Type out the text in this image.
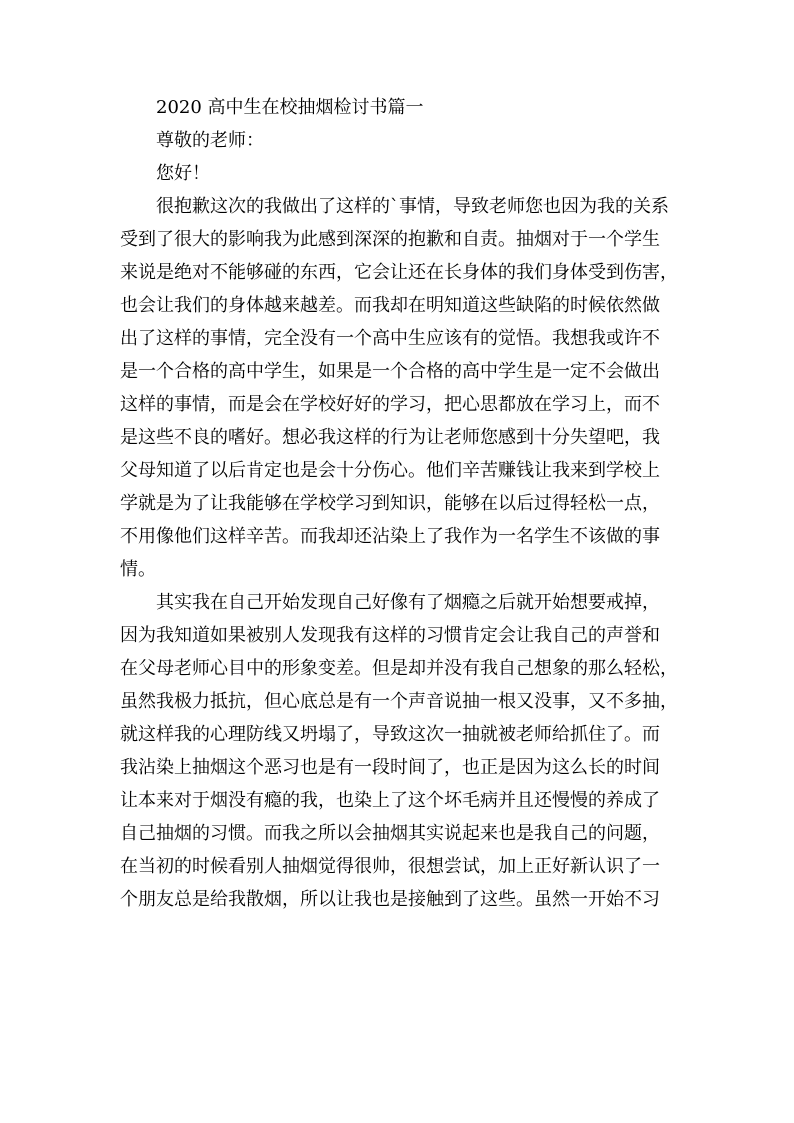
2020 高中生在校抽烟检讨书篇一
尊敬的老师：
您好！
很抱歉这次的我做出了这样的`事情，导致老师您也因为我的关系
受到了很大的影响我为此感到深深的抱歉和自责。抽烟对于一个学生
来说是绝对不能够碰的东西，它会让还在长身体的我们身体受到伤害，
也会让我们的身体越来越差。而我却在明知道这些缺陷的时候依然做
出了这样的事情，完全没有一个高中生应该有的觉悟。我想我或许不
是一个合格的高中学生，如果是一个合格的高中学生是一定不会做出
这样的事情，而是会在学校好好的学习，把心思都放在学习上，而不
是这些不良的嗜好。想必我这样的行为让老师您感到十分失望吧，我
父母知道了以后肯定也是会十分伤心。他们辛苦赚钱让我来到学校上
学就是为了让我能够在学校学习到知识，能够在以后过得轻松一点，
不用像他们这样辛苦。而我却还沾染上了我作为一名学生不该做的事
情。
其实我在自己开始发现自己好像有了烟瘾之后就开始想要戒掉，
因为我知道如果被别人发现我有这样的习惯肯定会让我自己的声誉和
在父母老师心目中的形象变差。但是却并没有我自己想象的那么轻松，
虽然我极力抵抗，但心底总是有一个声音说抽一根又没事，又不多抽，
就这样我的心理防线又坍塌了，导致这次一抽就被老师给抓住了。而
我沾染上抽烟这个恶习也是有一段时间了，也正是因为这么长的时间
让本来对于烟没有瘾的我，也染上了这个坏毛病并且还慢慢的养成了
自己抽烟的习惯。而我之所以会抽烟其实说起来也是我自己的问题，
在当初的时候看别人抽烟觉得很帅，很想尝试，加上正好新认识了一
个朋友总是给我散烟，所以让我也是接触到了这些。虽然一开始不习
